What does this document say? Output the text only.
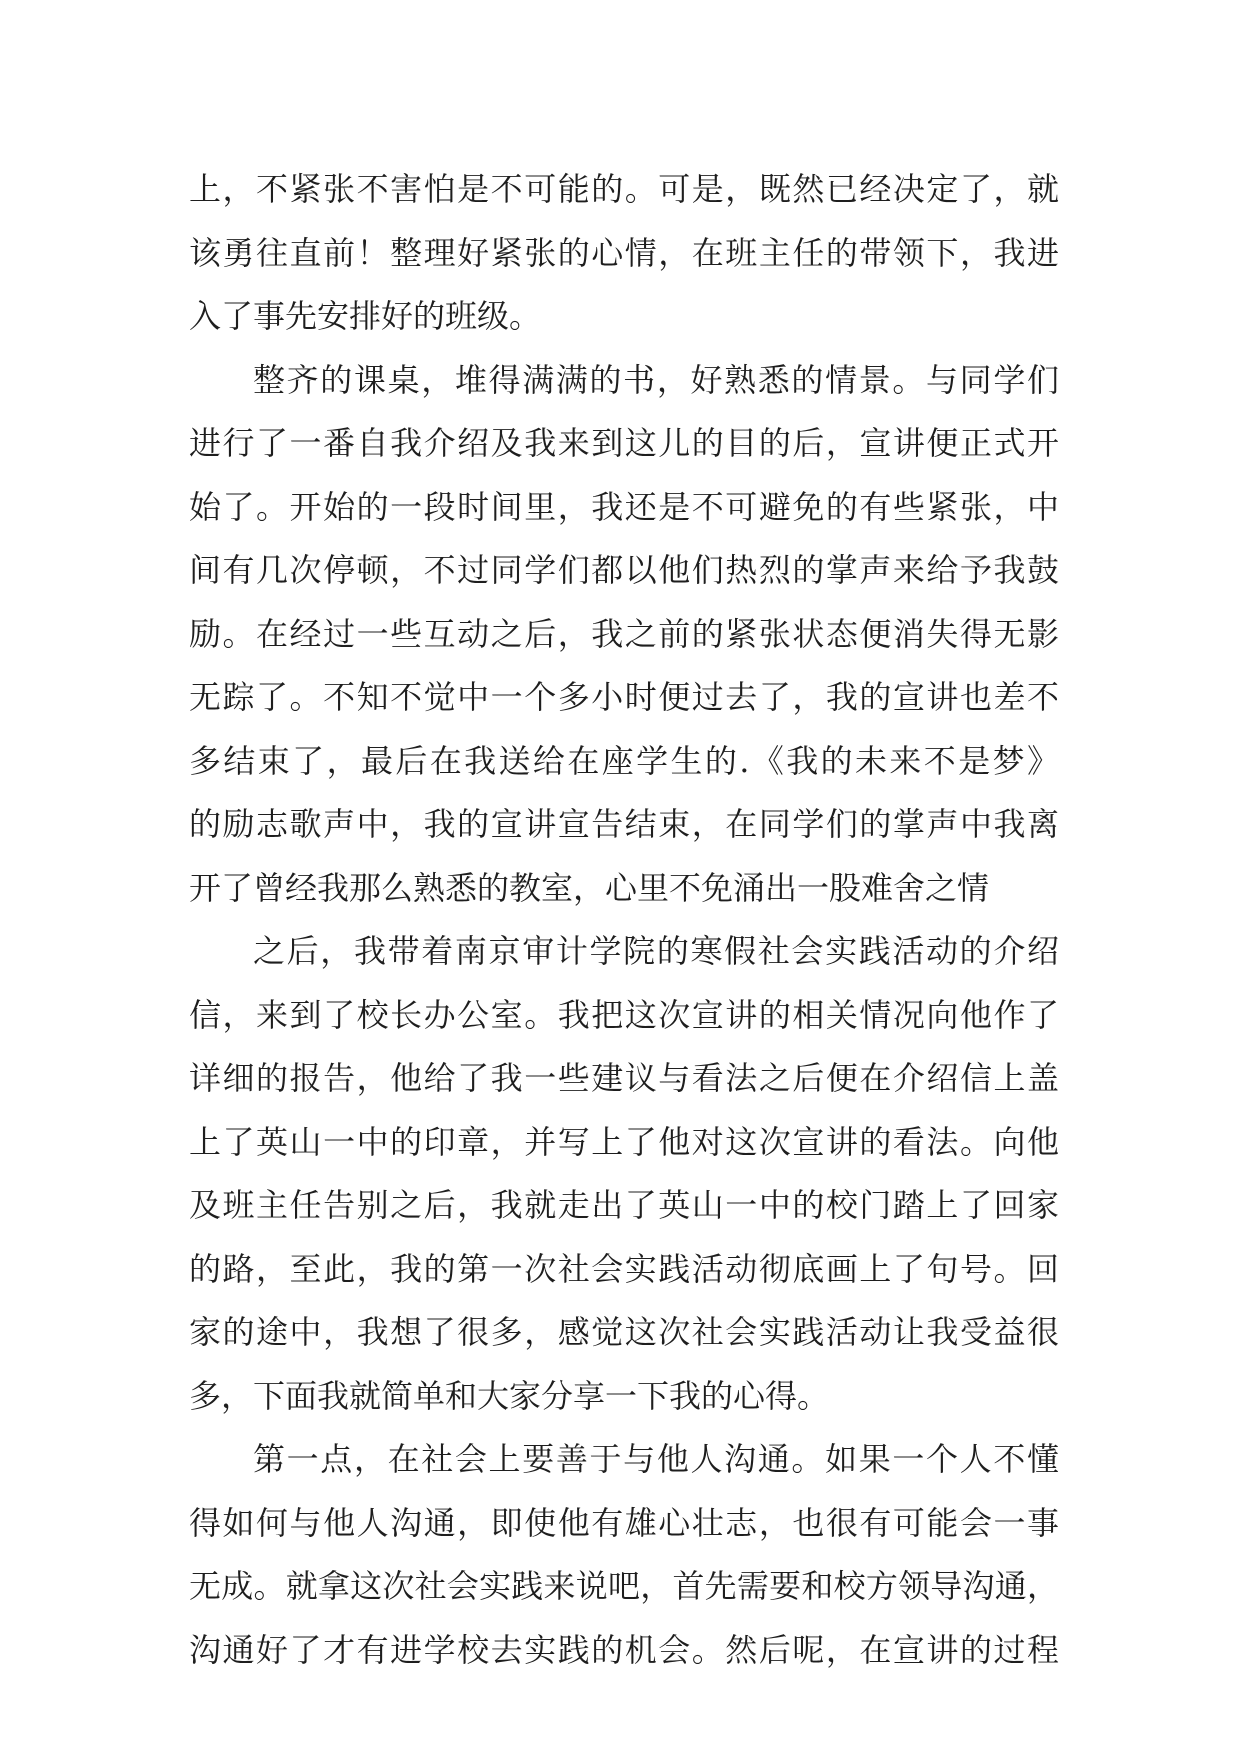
上，不紧张不害怕是不可能的。可是，既然已经决定了，就
该勇往直前！整理好紧张的心情，在班主任的带领下，我进
入了事先安排好的班级。
整齐的课桌，堆得满满的书，好熟悉的情景。与同学们
进行了一番自我介绍及我来到这儿的目的后，宣讲便正式开
始了。开始的一段时间里，我还是不可避免的有些紧张，中
间有几次停顿，不过同学们都以他们热烈的掌声来给予我鼓
励。在经过一些互动之后，我之前的紧张状态便消失得无影
无踪了。不知不觉中一个多小时便过去了，我的宣讲也差不
多结束了，最后在我送给在座学生的.《我的未来不是梦》
的励志歌声中，我的宣讲宣告结束，在同学们的掌声中我离
开了曾经我那么熟悉的教室，心里不免涌出一股难舍之情
之后，我带着南京审计学院的寒假社会实践活动的介绍
信，来到了校长办公室。我把这次宣讲的相关情况向他作了
详细的报告，他给了我一些建议与看法之后便在介绍信上盖
上了英山一中的印章，并写上了他对这次宣讲的看法。向他
及班主任告别之后，我就走出了英山一中的校门踏上了回家
的路，至此，我的第一次社会实践活动彻底画上了句号。回
家的途中，我想了很多，感觉这次社会实践活动让我受益很
多，下面我就简单和大家分享一下我的心得。
第一点，在社会上要善于与他人沟通。如果一个人不懂
得如何与他人沟通，即使他有雄心壮志，也很有可能会一事
无成。就拿这次社会实践来说吧，首先需要和校方领导沟通，
沟通好了才有进学校去实践的机会。然后呢，在宣讲的过程
